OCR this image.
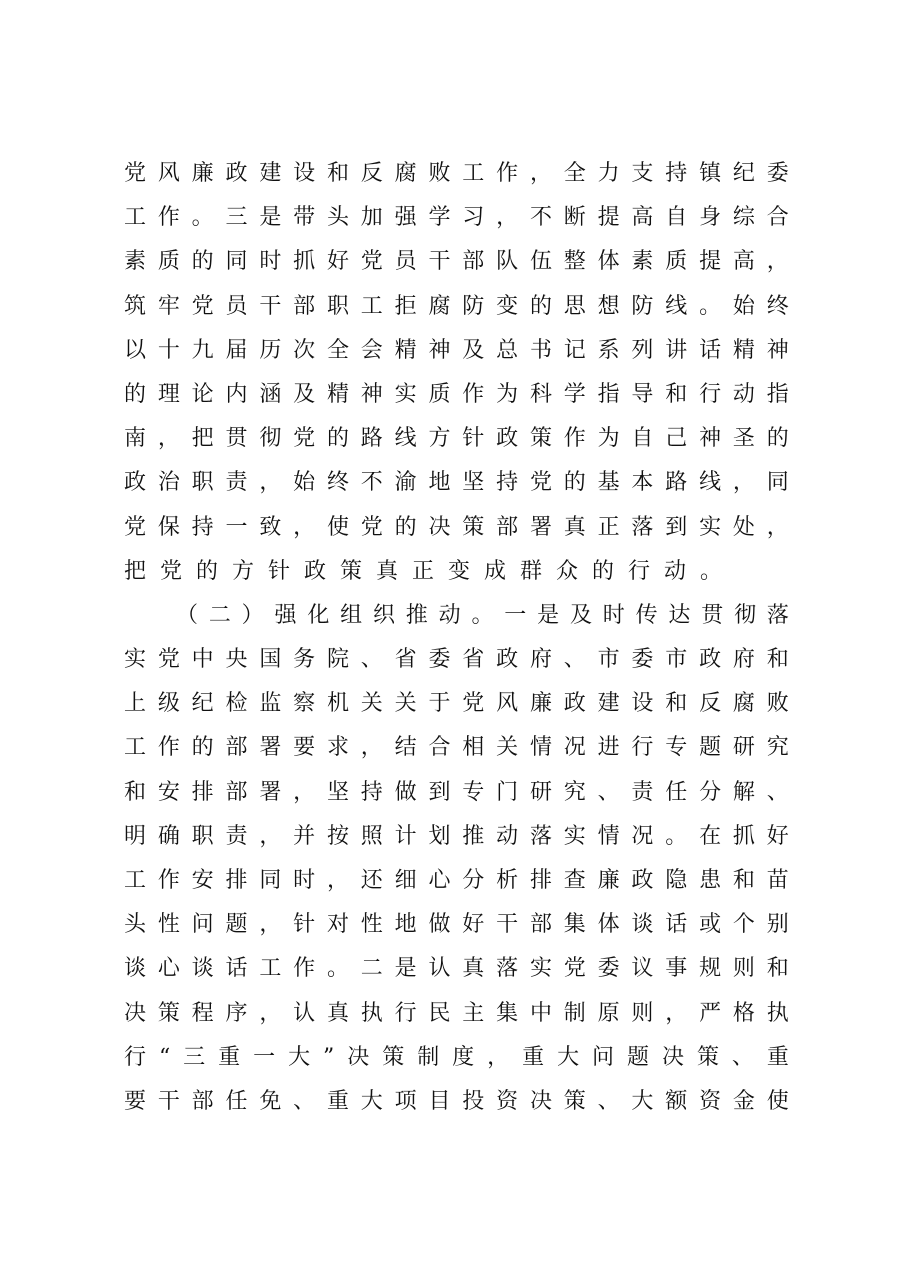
党 风 廉 政 建 设 和 反 腐 败 工 作 ， 全 力 支 持 镇 纪 委
工 作 。 三 是 带 头 加 强 学 习 ， 不 断 提 高 自 身 综 合
素 质 的 同 时 抓 好 党 员 干 部 队 伍 整 体 素 质 提 高 ，
筑 牢 党 员 干 部 职 工 拒 腐 防 变 的 思 想 防 线 。 始 终
以 十 九 届 历 次 全 会 精 神 及 总 书 记 系 列 讲 话 精 神
的 理 论 内 涵 及 精 神 实 质 作 为 科 学 指 导 和 行 动 指
南 ， 把 贯 彻 党 的 路 线 方 针 政 策 作 为 自 己 神 圣 的
政 治 职 责 ， 始 终 不 渝 地 坚 持 党 的 基 本 路 线 ， 同
党 保 持 一 致 ， 使 党 的 决 策 部 署 真 正 落 到 实 处 ，
把党的方针政策真正变成群众的行动。
（ 二 ） 强 化 组 织 推 动 。 一 是 及 时 传 达 贯 彻 落
实 党 中 央 国 务 院 、 省 委 省 政 府 、 市 委 市 政 府 和
上 级 纪 检 监 察 机 关 关 于 党 风 廉 政 建 设 和 反 腐 败
工 作 的 部 署 要 求 ， 结 合 相 关 情 况 进 行 专 题 研 究
和 安 排 部 署 ， 坚 持 做 到 专 门 研 究 、 责 任 分 解 、
明 确 职 责 ， 并 按 照 计 划 推 动 落 实 情 况 。 在 抓 好
工 作 安 排 同 时 ， 还 细 心 分 析 排 查 廉 政 隐 患 和 苗
头 性 问 题 ， 针 对 性 地 做 好 干 部 集 体 谈 话 或 个 别
谈 心 谈 话 工 作 。 二 是 认 真 落 实 党 委 议 事 规 则 和
决 策 程 序 ， 认 真 执 行 民 主 集 中 制 原 则 ， 严 格 执
行 “ 三 重 一 大 ” 决 策 制 度 ， 重 大 问 题 决 策 、 重
要 干 部 任 免 、 重 大 项 目 投 资 决 策 、 大 额 资 金 使
